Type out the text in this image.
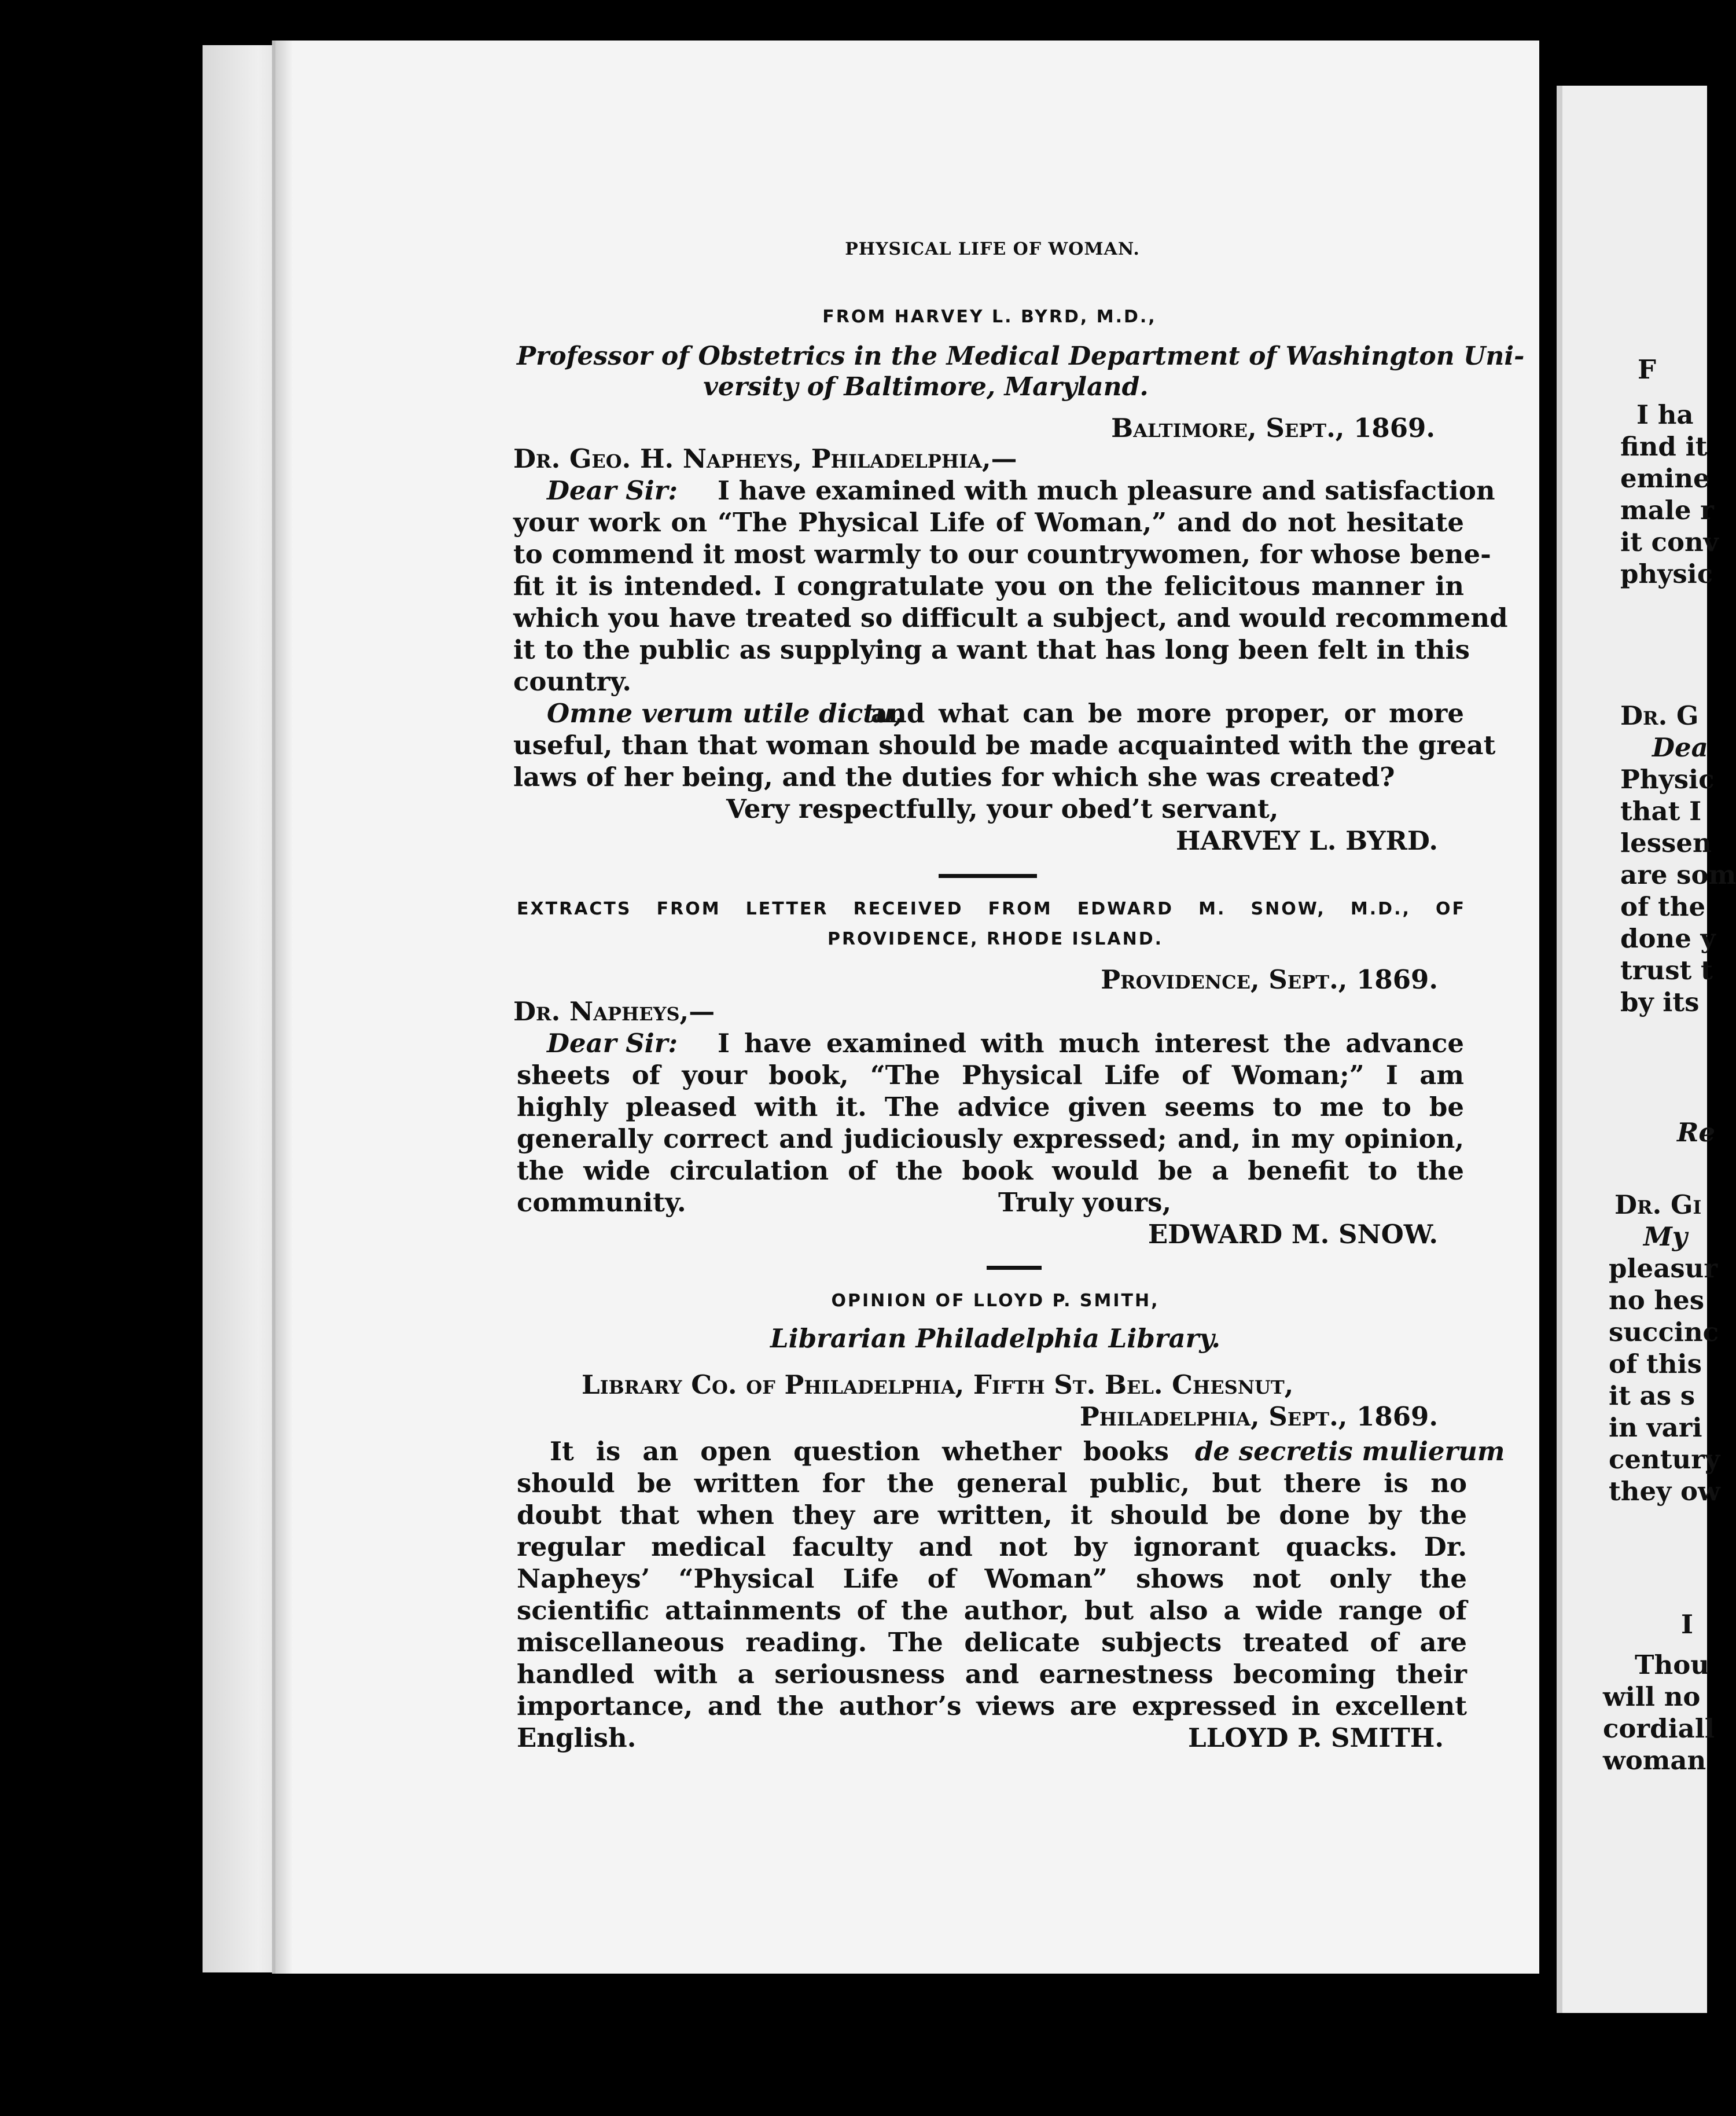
PHYSICAL LIFE OF WOMAN.
FROM HARVEY L. BYRD, M.D.,
Professor of Obstetrics in the Medical Department of Washington Uni-
versity of Baltimore, Maryland.
Baltimore, Sept., 1869.
Dr. Geo. H. Napheys, Philadelphia,—
Dear Sir:	I have examined with much pleasure and satisfaction
your work on “The Physical Life of Woman,” and do not hesitate
to commend it most warmly to our countrywomen, for whose bene-
fit it is intended. I congratulate you on the felicitous manner in
which you have treated so difficult a subject, and would recommend
it to the public as supplying a want that has long been felt in this
country.
Omne verum utile dictu,
and what can be more proper, or more
useful, than that woman should be made acquainted with the great
laws of her being, and the duties for which she was created?
Very respectfully, your obed’t servant,
HARVEY L. BYRD.
EXTRACTS FROM LETTER RECEIVED FROM EDWARD M. SNOW, M.D., OF
PROVIDENCE, RHODE ISLAND.
Providence, Sept., 1869.
Dr. Napheys,—
Dear Sir:	I have examined with much interest the advance
sheets of your book, “The Physical Life of Woman;” I am
highly pleased with it. The advice given seems to me to be
generally correct and judiciously expressed; and, in my opinion,
the wide circulation of the book would be a benefit to the
community.	Truly yours,
EDWARD M. SNOW.
OPINION OF LLOYD P. SMITH,
Librarian Philadelphia Library.
Library Co. of Philadelphia, Fifth St. Bel. Chesnut,
Philadelphia, Sept., 1869.
It is an open question whether books de secretis mulierum
should be written for the general public, but there is no
doubt that when they are written, it should be done by the
regular medical faculty and not by ignorant quacks. Dr.
Napheys’ “Physical Life of Woman” shows not only the
scientific attainments of the author, but also a wide range of
miscellaneous reading. The delicate subjects treated of are
handled with a seriousness and earnestness becoming their
importance, and the author’s views are expressed in excellent
English.	LLOYD P. SMITH.
F
I ha
find it
emine
male r
it conv
physic
Dr. G
Dea
Physic
that I
lessen
are som
of the
done y
trust t
by its
Re
Dr. Gi
My
pleasur
no hes
succinc
of this
it as s
in vari
century
they ow
I
Thou
will no
cordiall
woman
